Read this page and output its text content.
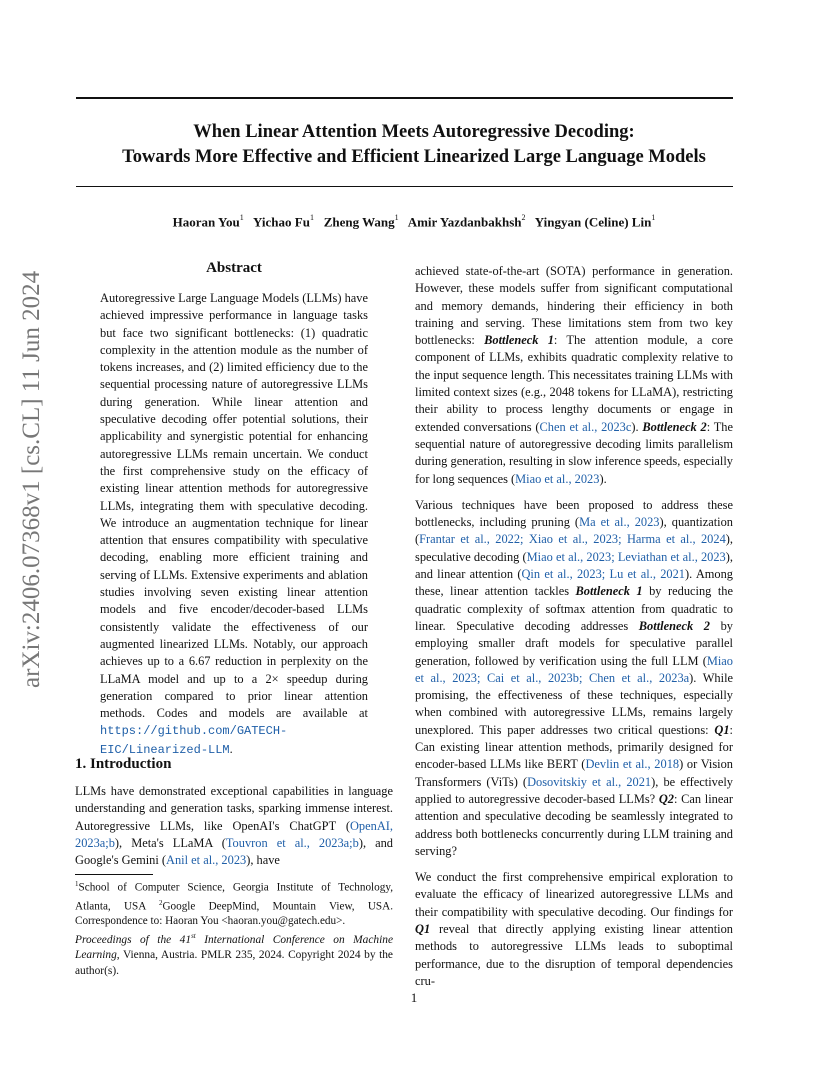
When Linear Attention Meets Autoregressive Decoding:
Towards More Effective and Efficient Linearized Large Language Models
Haoran You$^1$ Yichao Fu$^1$ Zheng Wang$^1$ Amir Yazdanbakhsh$^2$ Yingyan (Celine) Lin$^1$
arXiv:2406.07368v1 [cs.CL] 11 Jun 2024
Abstract
Autoregressive Large Language Models (LLMs) have achieved impressive performance in language tasks but face two significant bottlenecks: (1) quadratic complexity in the attention module as the number of tokens increases, and (2) limited efficiency due to the sequential processing nature of autoregressive LLMs during generation. While linear attention and speculative decoding offer potential solutions, their applicability and synergistic potential for enhancing autoregressive LLMs remain uncertain. We conduct the first comprehensive study on the efficacy of existing linear attention methods for autoregressive LLMs, integrating them with speculative decoding. We introduce an augmentation technique for linear attention that ensures compatibility with speculative decoding, enabling more efficient training and serving of LLMs. Extensive experiments and ablation studies involving seven existing linear attention models and five encoder/decoder-based LLMs consistently validate the effectiveness of our augmented linearized LLMs. Notably, our approach achieves up to a 6.67 reduction in perplexity on the LLaMA model and up to a 2× speedup during generation compared to prior linear attention methods. Codes and models are available at https://github.com/GATECH-EIC/Linearized-LLM.
1. Introduction
LLMs have demonstrated exceptional capabilities in language understanding and generation tasks, sparking immense interest. Autoregressive LLMs, like OpenAI's ChatGPT (OpenAI, 2023a;b), Meta's LLaMA (Touvron et al., 2023a;b), and Google's Gemini (Anil et al., 2023), have
$^1$School of Computer Science, Georgia Institute of Technology, Atlanta, USA $^2$Google DeepMind, Mountain View, USA. Correspondence to: Haoran You <haoran.you@gatech.edu>.
Proceedings of the 41st International Conference on Machine Learning, Vienna, Austria. PMLR 235, 2024. Copyright 2024 by the author(s).

achieved state-of-the-art (SOTA) performance in generation. However, these models suffer from significant computational and memory demands, hindering their efficiency in both training and serving. These limitations stem from two key bottlenecks: Bottleneck 1: The attention module, a core component of LLMs, exhibits quadratic complexity relative to the input sequence length. This necessitates training LLMs with limited context sizes (e.g., 2048 tokens for LLaMA), restricting their ability to process lengthy documents or engage in extended conversations (Chen et al., 2023c). Bottleneck 2: The sequential nature of autoregressive decoding limits parallelism during generation, resulting in slow inference speeds, especially for long sequences (Miao et al., 2023).

Various techniques have been proposed to address these bottlenecks, including pruning (Ma et al., 2023), quantization (Frantar et al., 2022; Xiao et al., 2023; Harma et al., 2024), speculative decoding (Miao et al., 2023; Leviathan et al., 2023), and linear attention (Qin et al., 2023; Lu et al., 2021). Among these, linear attention tackles Bottleneck 1 by reducing the quadratic complexity of softmax attention from quadratic to linear. Speculative decoding addresses Bottleneck 2 by employing smaller draft models for speculative parallel generation, followed by verification using the full LLM (Miao et al., 2023; Cai et al., 2023b; Chen et al., 2023a). While promising, the effectiveness of these techniques, especially when combined with autoregressive LLMs, remains largely unexplored. This paper addresses two critical questions: Q1: Can existing linear attention methods, primarily designed for encoder-based LLMs like BERT (Devlin et al., 2018) or Vision Transformers (ViTs) (Dosovitskiy et al., 2021), be effectively applied to autoregressive decoder-based LLMs? Q2: Can linear attention and speculative decoding be seamlessly integrated to address both bottlenecks concurrently during LLM training and serving?

We conduct the first comprehensive empirical exploration to evaluate the efficacy of linearized autoregressive LLMs and their compatibility with speculative decoding. Our findings for Q1 reveal that directly applying existing linear attention methods to autoregressive LLMs leads to suboptimal performance, due to the disruption of temporal dependencies cru-

1
